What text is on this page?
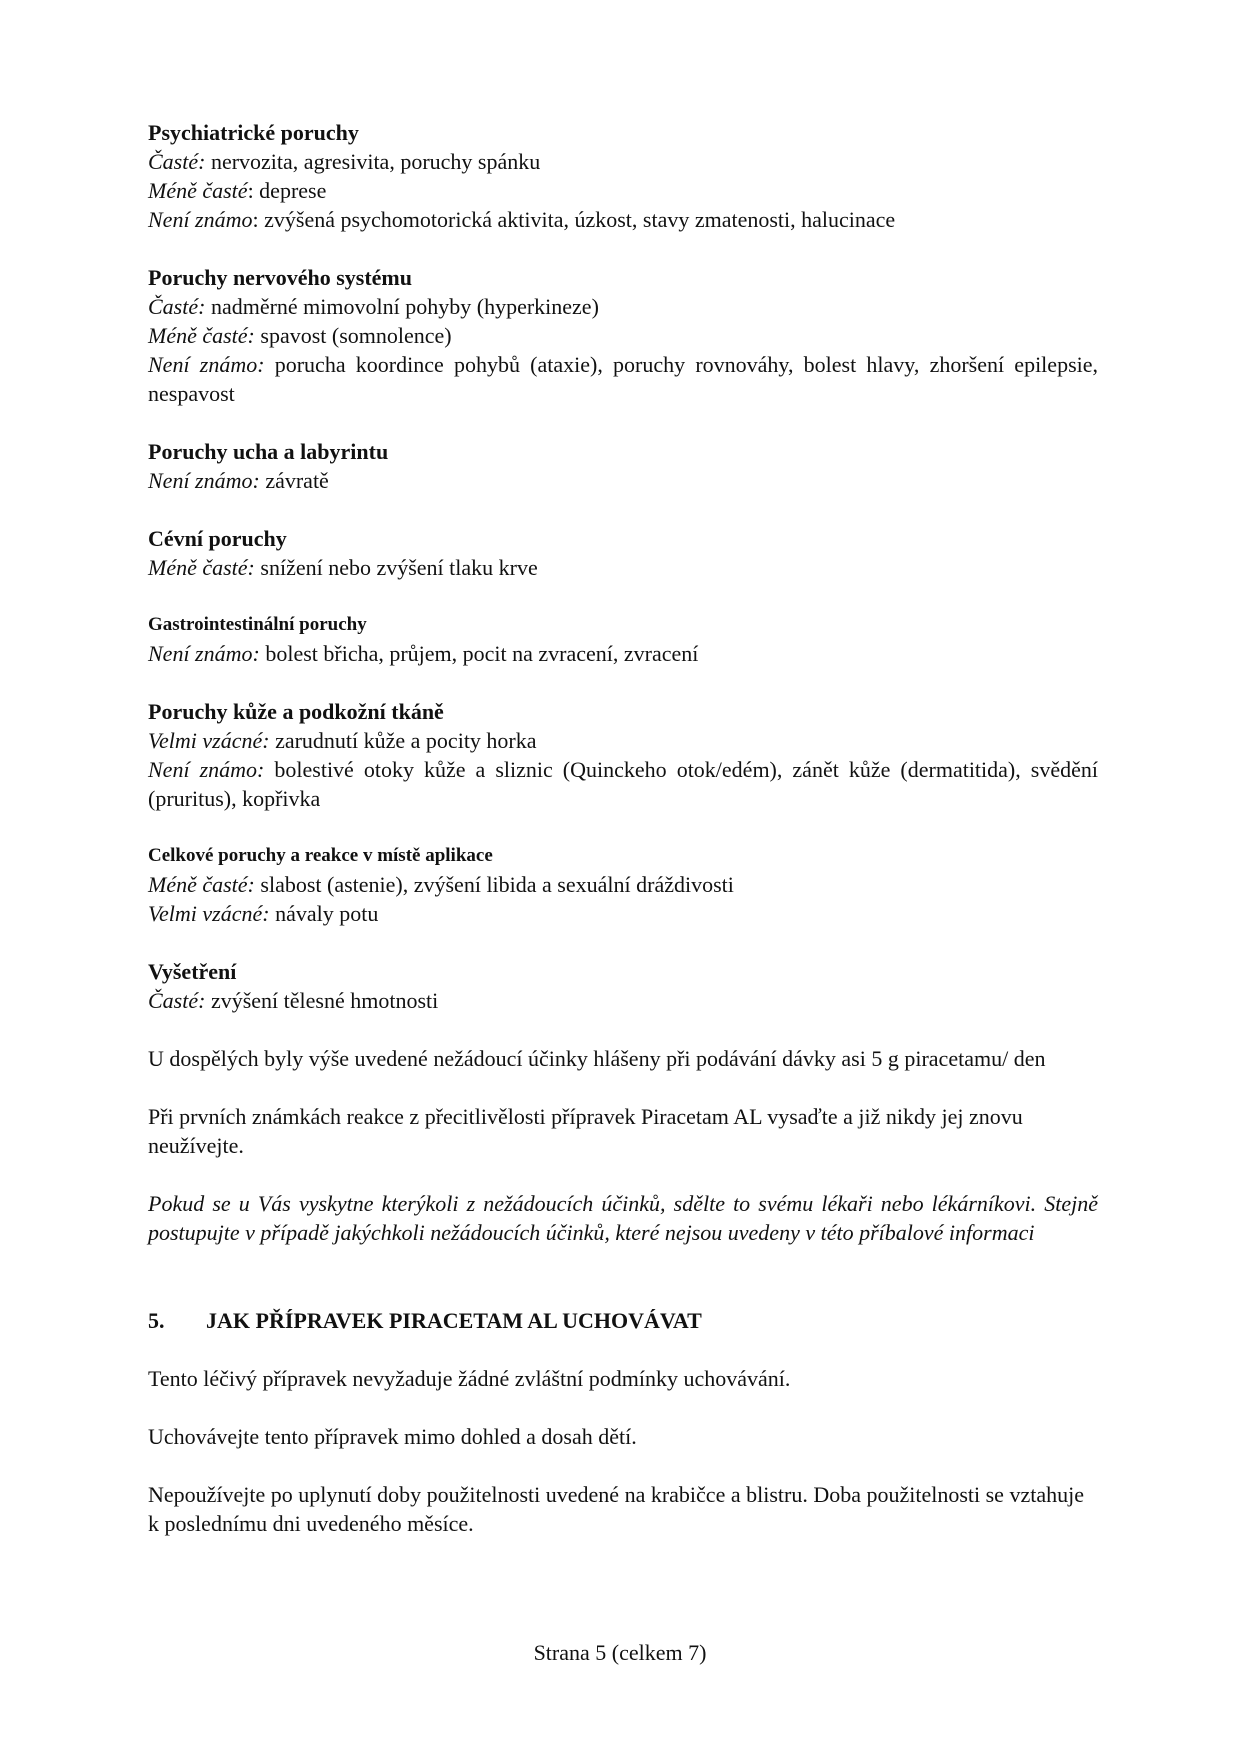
Psychiatrické poruchy
Časté: nervozita, agresivita, poruchy spánku
Méně časté: deprese
Není známo: zvýšená psychomotorická aktivita, úzkost, stavy zmatenosti, halucinace
Poruchy nervového systému
Časté: nadměrné mimovolní pohyby (hyperkineze)
Méně časté: spavost (somnolence)
Není známo: porucha koordince pohybů (ataxie), poruchy rovnováhy, bolest hlavy, zhoršení epilepsie, nespavost
Poruchy ucha a labyrintu
Není známo: závratě
Cévní poruchy
Méně časté: snížení nebo zvýšení tlaku krve
Gastrointestinální poruchy
Není známo: bolest břicha, průjem, pocit na zvracení, zvracení
Poruchy kůže a podkožní tkáně
Velmi vzácné: zarudnutí kůže a pocity horka
Není známo: bolestivé otoky kůže a sliznic (Quinckeho otok/edém), zánět kůže (dermatitida), svědění (pruritus), kopřivka
Celkové poruchy a reakce v místě aplikace
Méně časté: slabost (astenie), zvýšení libida a sexuální dráždivosti
Velmi vzácné: návaly potu
Vyšetření
Časté: zvýšení tělesné hmotnosti
U dospělých byly výše uvedené nežádoucí účinky hlášeny při podávání dávky asi 5 g piracetamu/ den
Při prvních známkách reakce z přecitlivělosti přípravek Piracetam AL vysaďte a již nikdy jej znovu neužívejte.
Pokud se u Vás vyskytne kterýkoli z nežádoucích účinků, sdělte to svému lékaři nebo lékárníkovi. Stejně postupujte v případě jakýchkoli nežádoucích účinků, které nejsou uvedeny v této příbalové informaci
5. JAK PŘÍPRAVEK PIRACETAM AL UCHOVÁVAT
Tento léčivý přípravek nevyžaduje žádné zvláštní podmínky uchovávání.
Uchovávejte tento přípravek mimo dohled a dosah dětí.
Nepoužívejte po uplynutí doby použitelnosti uvedené na krabičce a blistru. Doba použitelnosti se vztahuje k poslednímu dni uvedeného měsíce.
Strana 5 (celkem 7)
